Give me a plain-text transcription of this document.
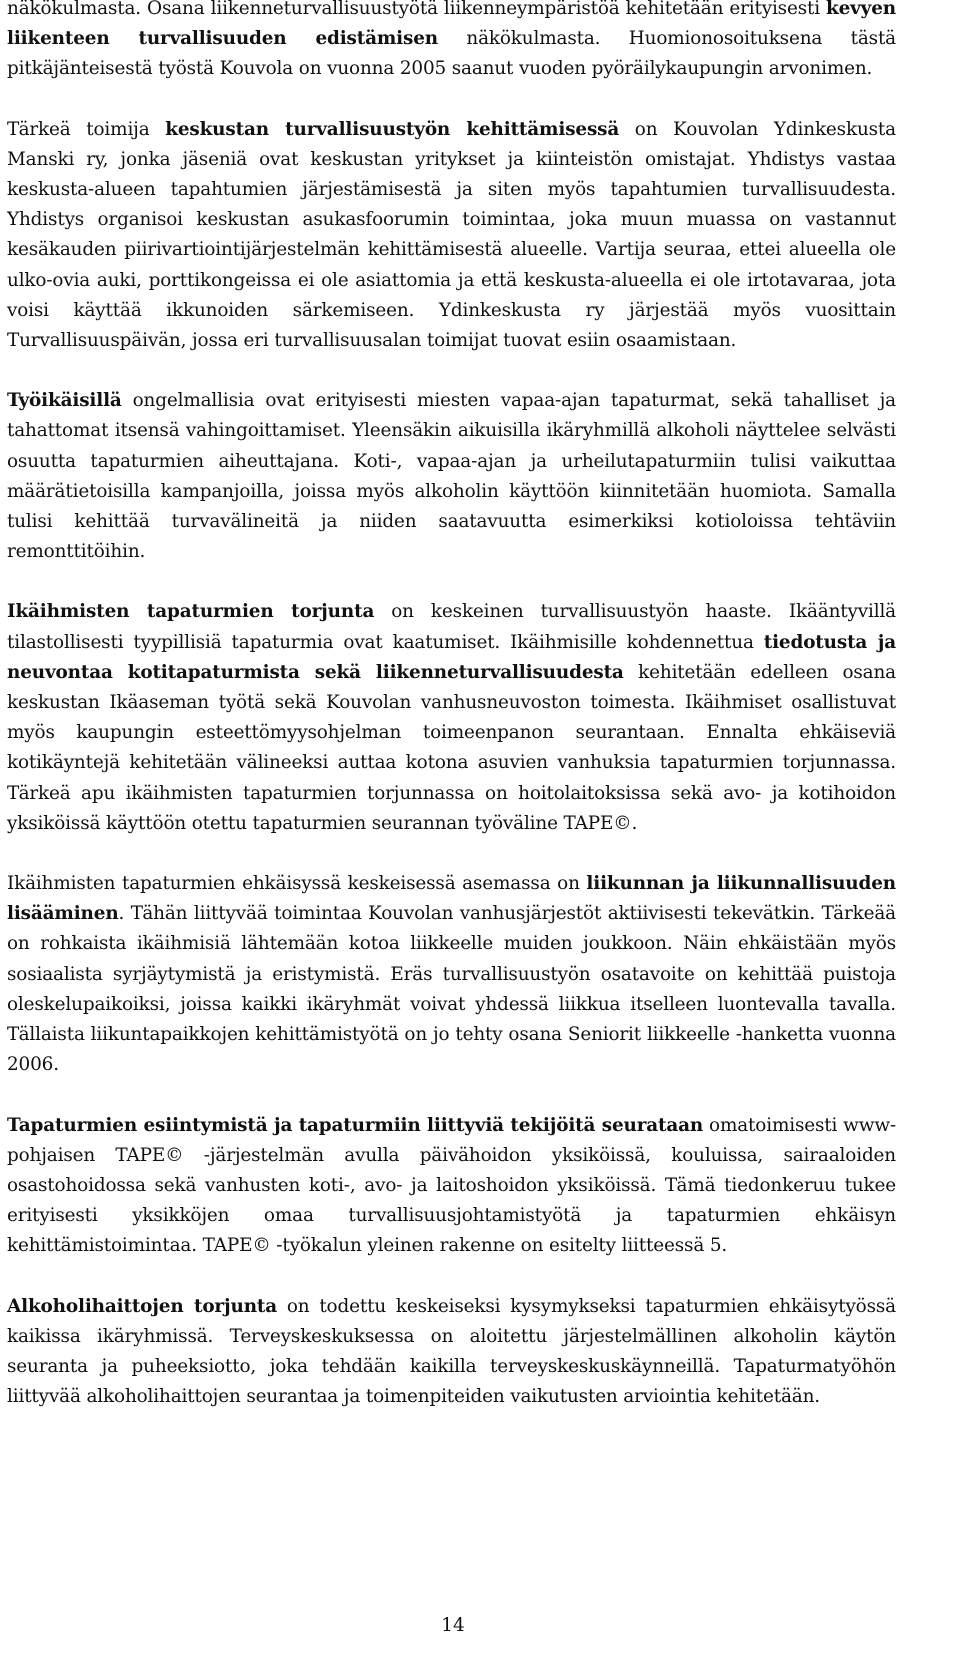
näkökulmasta. Osana liikenneturvallisuustyötä liikenneympäristöä kehitetään erityisesti kevyen liikenteen turvallisuuden edistämisen näkökulmasta. Huomionosoituksena tästä pitkäjänteisestä työstä Kouvola on vuonna 2005 saanut vuoden pyöräilykaupungin arvonimen.

Tärkeä toimija keskustan turvallisuustyön kehittämisessä on Kouvolan Ydinkeskusta Manski ry, jonka jäseniä ovat keskustan yritykset ja kiinteistön omistajat. Yhdistys vastaa keskusta-alueen tapahtumien järjestämisestä ja siten myös tapahtumien turvallisuudesta. Yhdistys organisoi keskustan asukasfoorumin toimintaa, joka muun muassa on vastannut kesäkauden piirivartiointijärjestelmän kehittämisestä alueelle. Vartija seuraa, ettei alueella ole ulko-ovia auki, porttikongeissa ei ole asiattomia ja että keskusta-alueella ei ole irtotavaraa, jota voisi käyttää ikkunoiden särkemiseen. Ydinkeskusta ry järjestää myös vuosittain Turvallisuuspäivän, jossa eri turvallisuusalan toimijat tuovat esiin osaamistaan.

Työikäisillä ongelmallisia ovat erityisesti miesten vapaa-ajan tapaturmat, sekä tahalliset ja tahattomat itsensä vahingoittamiset. Yleensäkin aikuisilla ikäryhmillä alkoholi näyttelee selvästi osuutta tapaturmien aiheuttajana. Koti-, vapaa-ajan ja urheilutapaturmiin tulisi vaikuttaa määrätietoisilla kampanjoilla, joissa myös alkoholin käyttöön kiinnitetään huomiota. Samalla tulisi kehittää turvavälineitä ja niiden saatavuutta esimerkiksi kotioloissa tehtäviin remonttitöihin.

Ikäihmisten tapaturmien torjunta on keskeinen turvallisuustyön haaste. Ikääntyvillä tilastollisesti tyypillisiä tapaturmia ovat kaatumiset. Ikäihmisille kohdennettua tiedotusta ja neuvontaa kotitapaturmista sekä liikenneturvallisuudesta kehitetään edelleen osana keskustan Ikäaseman työtä sekä Kouvolan vanhusneuvoston toimesta. Ikäihmiset osallistuvat myös kaupungin esteettömyysohjelman toimeenpanon seurantaan. Ennalta ehkäiseviä kotikäyntejä kehitetään välineeksi auttaa kotona asuvien vanhuksia tapaturmien torjunnassa. Tärkeä apu ikäihmisten tapaturmien torjunnassa on hoitolaitoksissa sekä avo- ja kotihoidon yksiköissä käyttöön otettu tapaturmien seurannan työväline TAPE©.

Ikäihmisten tapaturmien ehkäisyssä keskeisessä asemassa on liikunnan ja liikunnallisuuden lisääminen. Tähän liittyvää toimintaa Kouvolan vanhusjärjestöt aktiivisesti tekevätkin. Tärkeää on rohkaista ikäihmisiä lähtemään kotoa liikkeelle muiden joukkoon. Näin ehkäistään myös sosiaalista syrjäytymistä ja eristymistä. Eräs turvallisuustyön osatavoite on kehittää puistoja oleskelupaikoiksi, joissa kaikki ikäryhmät voivat yhdessä liikkua itselleen luontevalla tavalla. Tällaista liikuntapaikkojen kehittämistyötä on jo tehty osana Seniorit liikkeelle -hanketta vuonna 2006.

Tapaturmien esiintymistä ja tapaturmiin liittyviä tekijöitä seurataan omatoimisesti www-pohjaisen TAPE© -järjestelmän avulla päivähoidon yksiköissä, kouluissa, sairaaloiden osastohoidossa sekä vanhusten koti-, avo- ja laitoshoidon yksiköissä. Tämä tiedonkeruu tukee erityisesti yksikköjen omaa turvallisuusjohtamistyötä ja tapaturmien ehkäisyn kehittämistoimintaa. TAPE© -työkalun yleinen rakenne on esitelty liitteessä 5.

Alkoholihaittojen torjunta on todettu keskeiseksi kysymykseksi tapaturmien ehkäisytyössä kaikissa ikäryhmissä. Terveyskeskuksessa on aloitettu järjestelmällinen alkoholin käytön seuranta ja puheeksiotto, joka tehdään kaikilla terveyskeskuskäynneillä. Tapaturmatyöhön liittyvää alkoholihaittojen seurantaa ja toimenpiteiden vaikutusten arviointia kehitetään.

14
